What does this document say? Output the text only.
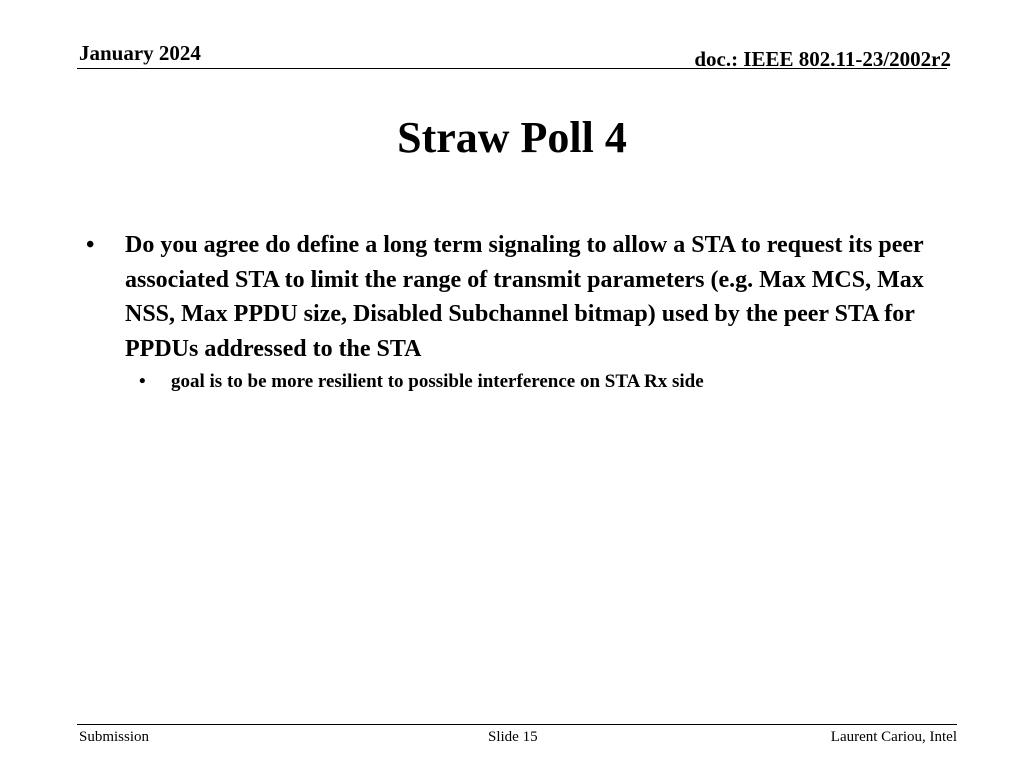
January 2024	doc.: IEEE 802.11-23/2002r2
Straw Poll 4
• Do you agree do define a long term signaling to allow a STA to request its peer associated STA to limit the range of transmit parameters (e.g. Max MCS, Max NSS, Max PPDU size, Disabled Subchannel bitmap) used by the peer STA for PPDUs addressed to the STA
• goal is to be more resilient to possible interference on STA Rx side
Submission	Slide 15	Laurent Cariou, Intel
